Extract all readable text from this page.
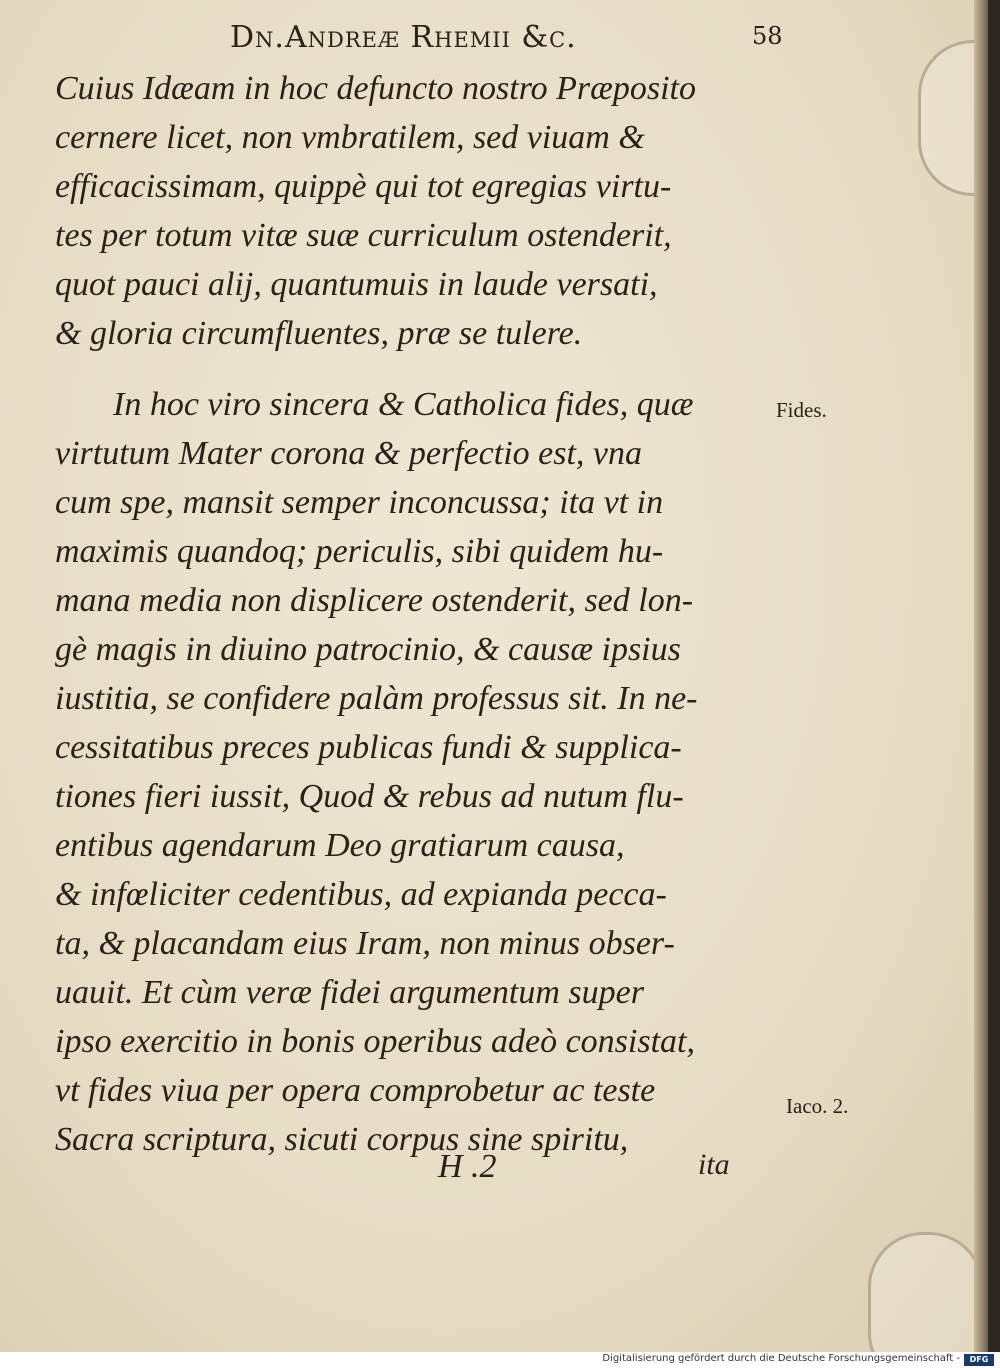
Dn.Andreæ Rhemii &c.	58
Cuius Idæam in hoc defuncto nostro Præposito
cernere licet, non vmbratilem, sed viuam &
efficacissimam, quippè qui tot egregias virtu-
tes per totum vitæ suæ curriculum ostenderit,
quot pauci alij, quantumuis in laude versati,
& gloria circumfluentes, præ se tulere.
In hoc viro sincera & Catholica fides, quæ
virtutum Mater corona & perfectio est, vna
cum spe, mansit semper inconcussa; ita vt in
maximis quandoq; periculis, sibi quidem hu-
mana media non displicere ostenderit, sed lon-
gè magis in diuino patrocinio, & causæ ipsius
iustitia, se confidere palàm professus sit. In ne-
cessitatibus preces publicas fundi & supplica-
tiones fieri iussit, Quod & rebus ad nutum flu-
entibus agendarum Deo gratiarum causa,
& infœliciter cedentibus, ad expianda pecca-
ta, & placandam eius Iram, non minus obser-
uauit. Et cùm veræ fidei argumentum super
ipso exercitio in bonis operibus adeò consistat,
vt fides viua per opera comprobetur ac teste
Sacra scriptura, sicuti corpus sine spiritu,
Fides.
Iaco. 2.
H .2	ita
Digitalisierung gefördert durch die Deutsche Forschungsgemeinschaft -	DFG
